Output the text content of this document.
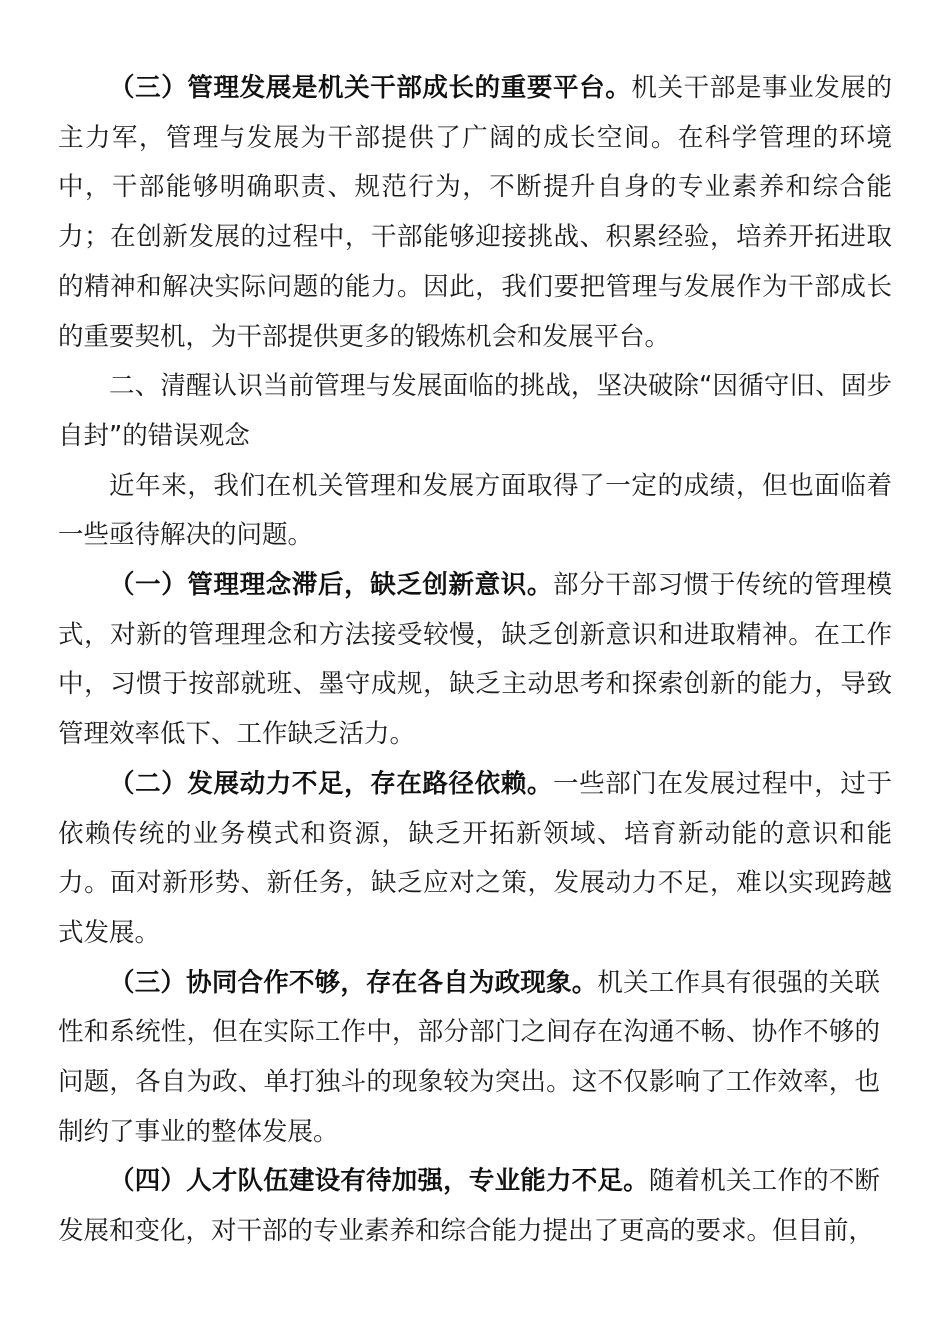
（三）管理发展是机关干部成长的重要平台。机关干部是事业发展的主力军，管理与发展为干部提供了广阔的成长空间。在科学管理的环境中，干部能够明确职责、规范行为，不断提升自身的专业素养和综合能力；在创新发展的过程中，干部能够迎接挑战、积累经验，培养开拓进取的精神和解决实际问题的能力。因此，我们要把管理与发展作为干部成长的重要契机，为干部提供更多的锻炼机会和发展平台。

二、清醒认识当前管理与发展面临的挑战，坚决破除“因循守旧、固步自封”的错误观念

近年来，我们在机关管理和发展方面取得了一定的成绩，但也面临着一些亟待解决的问题。

（一）管理理念滞后，缺乏创新意识。部分干部习惯于传统的管理模式，对新的管理理念和方法接受较慢，缺乏创新意识和进取精神。在工作中，习惯于按部就班、墨守成规，缺乏主动思考和探索创新的能力，导致管理效率低下、工作缺乏活力。

（二）发展动力不足，存在路径依赖。一些部门在发展过程中，过于依赖传统的业务模式和资源，缺乏开拓新领域、培育新动能的意识和能力。面对新形势、新任务，缺乏应对之策，发展动力不足，难以实现跨越式发展。

（三）协同合作不够，存在各自为政现象。机关工作具有很强的关联性和系统性，但在实际工作中，部分部门之间存在沟通不畅、协作不够的问题，各自为政、单打独斗的现象较为突出。这不仅影响了工作效率，也制约了事业的整体发展。

（四）人才队伍建设有待加强，专业能力不足。随着机关工作的不断发展和变化，对干部的专业素养和综合能力提出了更高的要求。但目前，
